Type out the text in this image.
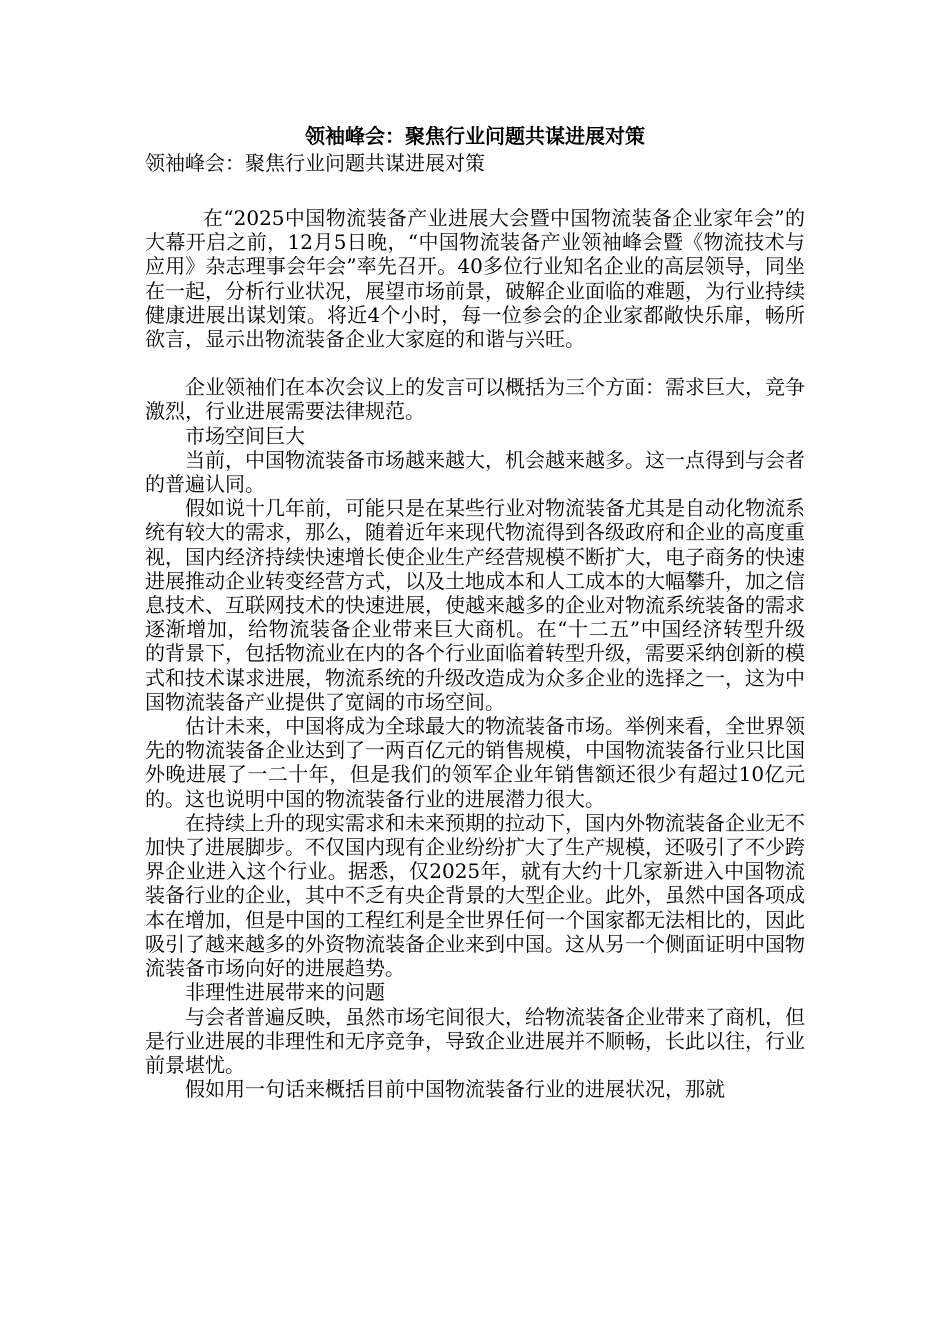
领袖峰会：聚焦行业问题共谋进展对策

领袖峰会：聚焦行业问题共谋进展对策

在“2025中国物流装备产业进展大会暨中国物流装备企业家年会”的大幕开启之前，12月5日晚，“中国物流装备产业领袖峰会暨《物流技术与应用》杂志理事会年会”率先召开。40多位行业知名企业的高层领导，同坐在一起，分析行业状况，展望市场前景，破解企业面临的难题，为行业持续健康进展出谋划策。将近4个小时，每一位参会的企业家都敞快乐扉，畅所欲言，显示出物流装备企业大家庭的和谐与兴旺。

企业领袖们在本次会议上的发言可以概括为三个方面：需求巨大，竞争激烈，行业进展需要法律规范。

市场空间巨大

当前，中国物流装备市场越来越大，机会越来越多。这一点得到与会者的普遍认同。

假如说十几年前，可能只是在某些行业对物流装备尤其是自动化物流系统有较大的需求，那么，随着近年来现代物流得到各级政府和企业的高度重视，国内经济持续快速增长使企业生产经营规模不断扩大，电子商务的快速进展推动企业转变经营方式，以及土地成本和人工成本的大幅攀升，加之信息技术、互联网技术的快速进展，使越来越多的企业对物流系统装备的需求逐渐增加，给物流装备企业带来巨大商机。在“十二五”中国经济转型升级的背景下，包括物流业在内的各个行业面临着转型升级，需要采纳创新的模式和技术谋求进展，物流系统的升级改造成为众多企业的选择之一，这为中国物流装备产业提供了宽阔的市场空间。

估计未来，中国将成为全球最大的物流装备市场。举例来看，全世界领先的物流装备企业达到了一两百亿元的销售规模，中国物流装备行业只比国外晚进展了一二十年，但是我们的领军企业年销售额还很少有超过10亿元的。这也说明中国的物流装备行业的进展潜力很大。

在持续上升的现实需求和未来预期的拉动下，国内外物流装备企业无不加快了进展脚步。不仅国内现有企业纷纷扩大了生产规模，还吸引了不少跨界企业进入这个行业。据悉，仅2025年，就有大约十几家新进入中国物流装备行业的企业，其中不乏有央企背景的大型企业。此外，虽然中国各项成本在增加，但是中国的工程红利是全世界任何一个国家都无法相比的，因此吸引了越来越多的外资物流装备企业来到中国。这从另一个侧面证明中国物流装备市场向好的进展趋势。

非理性进展带来的问题

与会者普遍反映，虽然市场宅间很大，给物流装备企业带来了商机，但是行业进展的非理性和无序竞争，导致企业进展并不顺畅，长此以往，行业前景堪忧。

假如用一句话来概括目前中国物流装备行业的进展状况，那就
